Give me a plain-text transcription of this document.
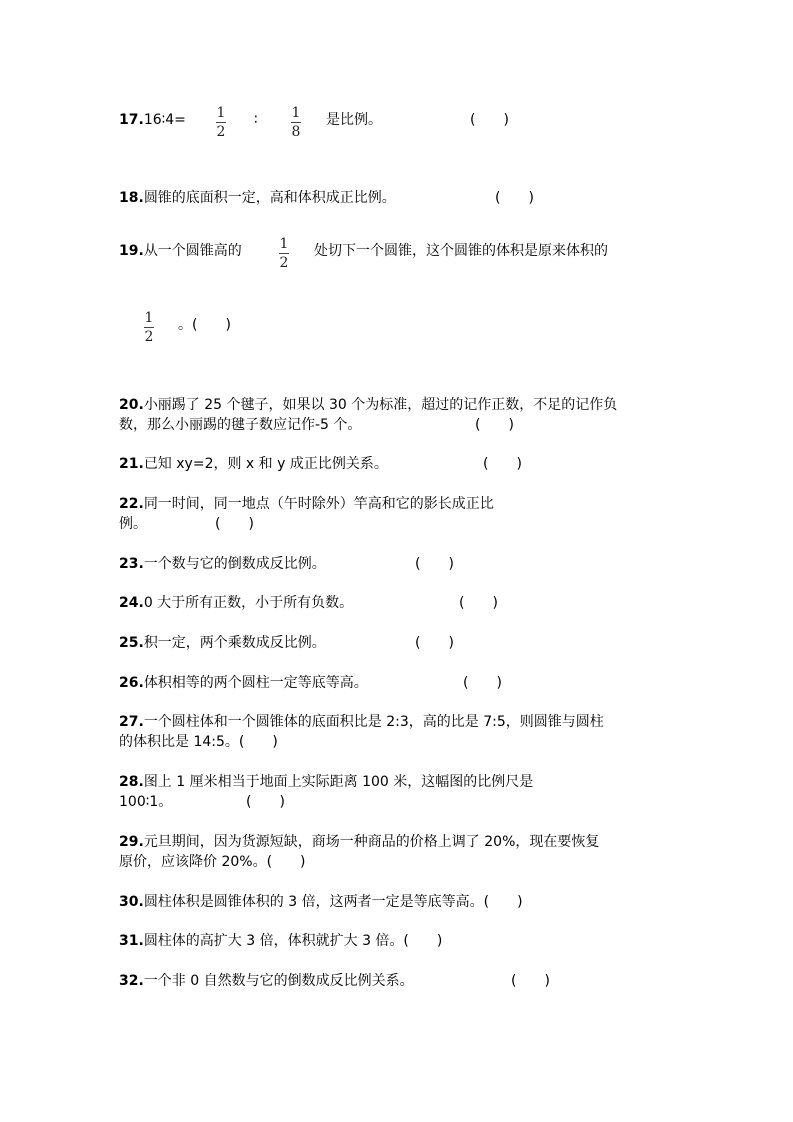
17.16∶4= 1
2
∶ 1
8
是比例。	(　　)
18.圆锥的底面积一定，高和体积成正比例。	(　　)
19.从一个圆锥高的	1
2
处切下一个圆锥，这个圆锥的体积是原来体积的
1
2
。(　　)
20.小丽踢了 25 个毽子，如果以 30 个为标准，超过的记作正数，不足的记作负
数，那么小丽踢的毽子数应记作-5 个。	(　　)
21.已知 xy=2，则 x 和 y 成正比例关系。	(　　)
22.同一时间，同一地点（午时除外）竿高和它的影长成正比
例。	(　　)
23.一个数与它的倒数成反比例。	(　　)
24.0 大于所有正数，小于所有负数。	(　　)
25.积一定，两个乘数成反比例。	(　　)
26.体积相等的两个圆柱一定等底等高。	(　　)
27.一个圆柱体和一个圆锥体的底面积比是 2:3，高的比是 7:5，则圆锥与圆柱
的体积比是 14:5。(　　)
28.图上 1 厘米相当于地面上实际距离 100 米，这幅图的比例尺是
100∶1。	(　　)
29.元旦期间，因为货源短缺，商场一种商品的价格上调了 20%，现在要恢复
原价，应该降价 20%。(　　)
30.圆柱体积是圆锥体积的 3 倍，这两者一定是等底等高。(　　)
31.圆柱体的高扩大 3 倍，体积就扩大 3 倍。(　　)
32.一个非 0 自然数与它的倒数成反比例关系。	(　　)
